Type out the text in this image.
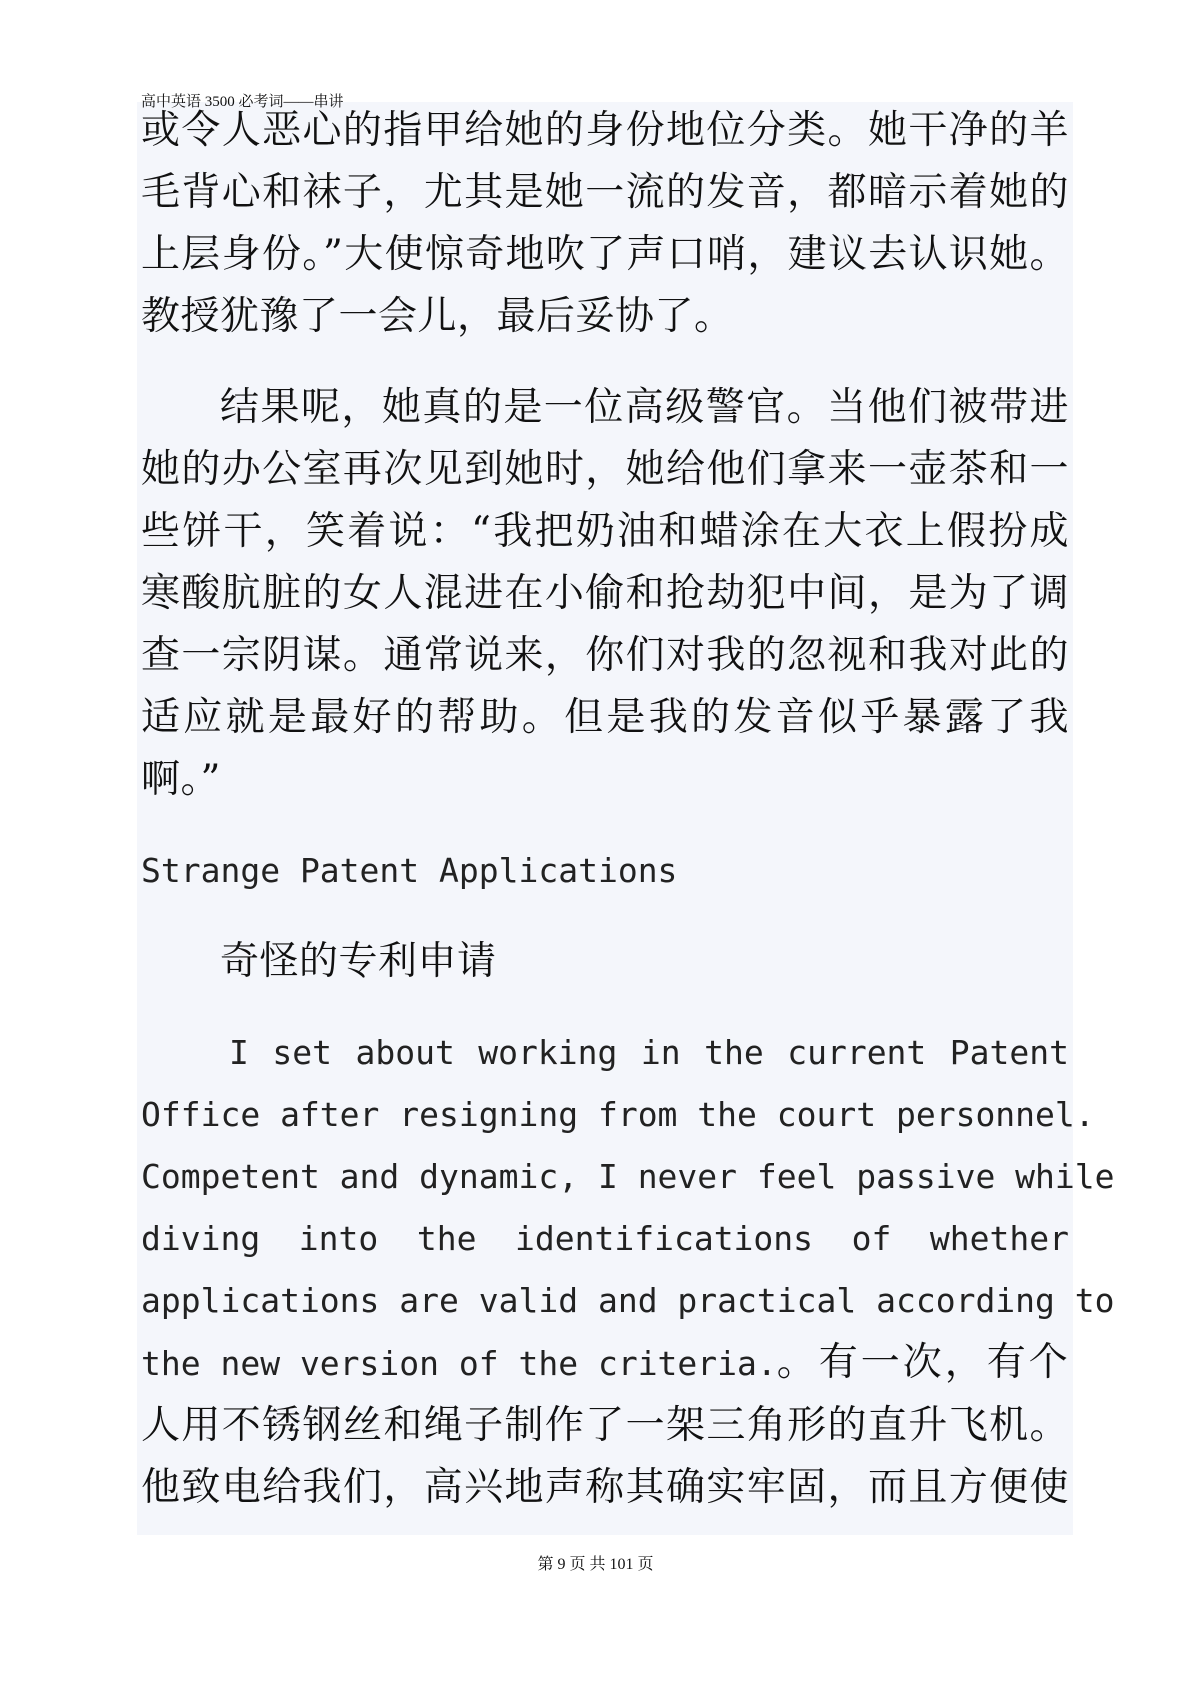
高中英语 3500 必考词——串讲
或令人恶心的指甲给她的身份地位分类。她干净的羊
毛背心和袜子，尤其是她一流的发音，都暗示着她的
上层身份。”大使惊奇地吹了声口哨，建议去认识她。
教授犹豫了一会儿，最后妥协了。
结果呢，她真的是一位高级警官。当他们被带进
她的办公室再次见到她时，她给他们拿来一壶茶和一
些饼干，笑着说：“我把奶油和蜡涂在大衣上假扮成
寒酸肮脏的女人混进在小偷和抢劫犯中间，是为了调
查一宗阴谋。通常说来，你们对我的忽视和我对此的
适应就是最好的帮助。但是我的发音似乎暴露了我
啊。”
Strange Patent Applications
奇怪的专利申请
I set about working in the current Patent
Office after resigning from the court personnel.
Competent and dynamic, I never feel passive while
diving into the identifications of whether
applications are valid and practical according to
the new version of the criteria.。有一次，有个
人用不锈钢丝和绳子制作了一架三角形的直升飞机。
他致电给我们，高兴地声称其确实牢固，而且方便使
第 9 页 共 101 页
